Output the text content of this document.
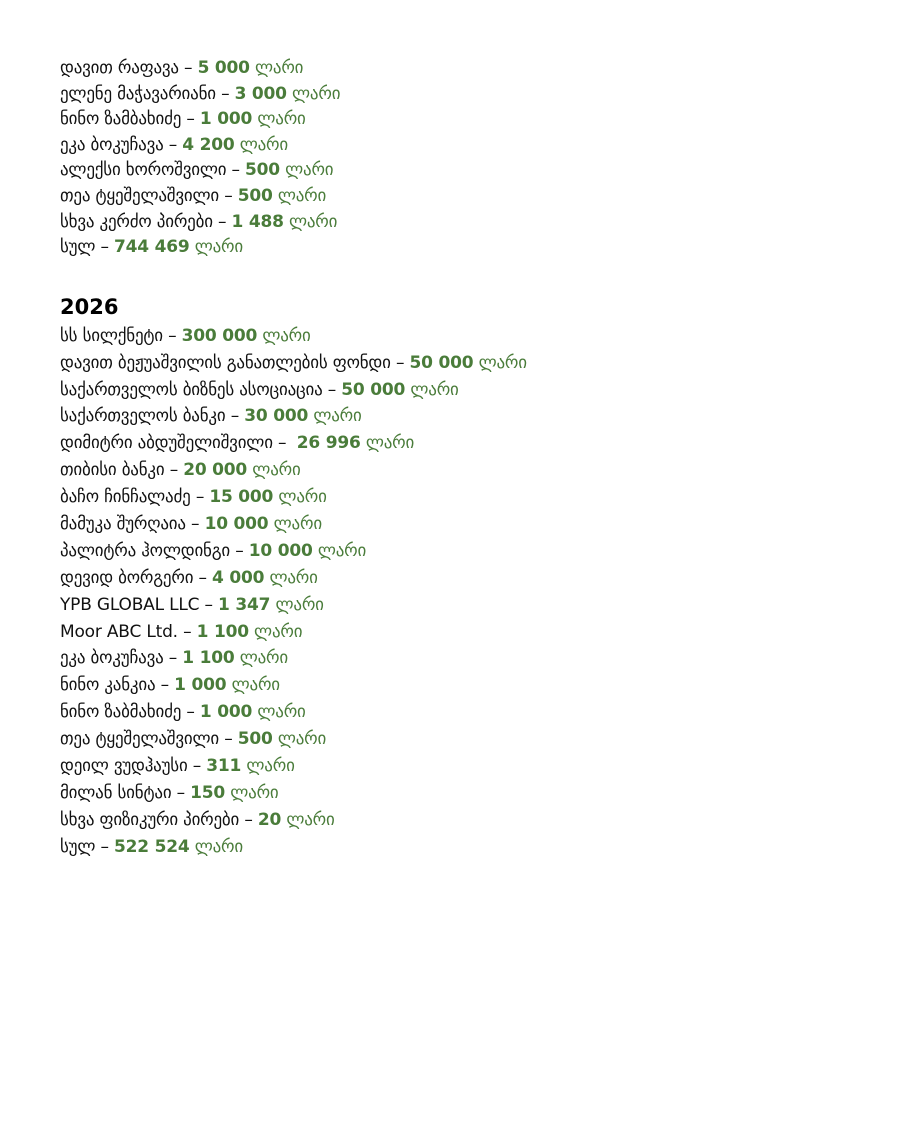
დავით რაფავა – 5 000 ლარი
ელენე მაჭავარიანი – 3 000 ლარი
ნინო ზამბახიძე – 1 000 ლარი
ეკა ბოკუჩავა – 4 200 ლარი
ალექსი ხოროშვილი – 500 ლარი
თეა ტყეშელაშვილი – 500 ლარი
სხვა კერძო პირები – 1 488 ლარი
სულ – 744 469 ლარი
2026
სს სილქნეტი – 300 000 ლარი
დავით ბეჟუაშვილის განათლების ფონდი – 50 000 ლარი
საქართველოს ბიზნეს ასოციაცია – 50 000 ლარი
საქართველოს ბანკი – 30 000 ლარი
დიმიტრი აბდუშელიშვილი –  26 996 ლარი
თიბისი ბანკი – 20 000 ლარი
ბაჩო ჩინჩალაძე – 15 000 ლარი
მამუკა შურღაია – 10 000 ლარი
პალიტრა ჰოლდინგი – 10 000 ლარი
დევიდ ბორგერი – 4 000 ლარი
YPB GLOBAL LLC – 1 347 ლარი
Moor ABC Ltd. – 1 100 ლარი
ეკა ბოკუჩავა – 1 100 ლარი
ნინო კანკია – 1 000 ლარი
ნინო ზაბმახიძე – 1 000 ლარი
თეა ტყეშელაშვილი – 500 ლარი
დეილ ვუდჰაუსი – 311 ლარი
მილან სინტაი – 150 ლარი
სხვა ფიზიკური პირები – 20 ლარი
სულ – 522 524 ლარი
